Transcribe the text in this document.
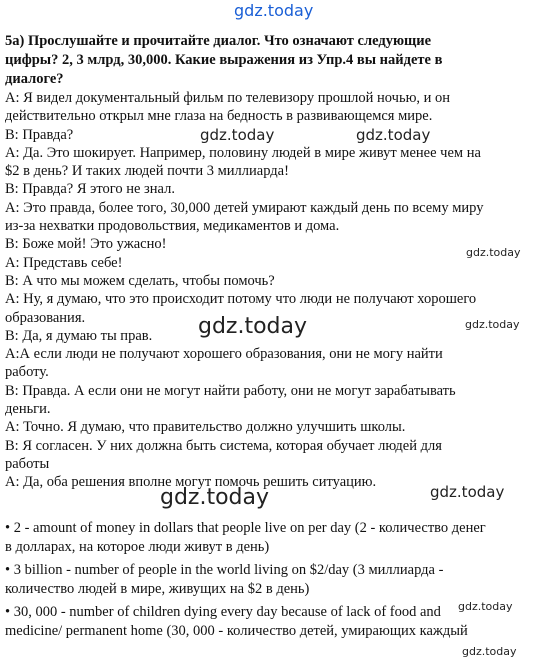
gdz.today
5а) Прослушайте и прочитайте диалог. Что означают следующие
цифры? 2, 3 млрд, 30,000. Какие выражения из Упр.4 вы найдете в
диалоге?
А: Я видел документальный фильм по телевизору прошлой ночью, и он
действительно открыл мне глаза на бедность в развивающемся мире.
В: Правда?
А: Да. Это шокирует. Например, половину людей в мире живут менее чем на
$2 в день? И таких людей почти 3 миллиарда!
В: Правда? Я этого не знал.
А: Это правда, более того, 30,000 детей умирают каждый день по всему миру
из-за нехватки продовольствия, медикаментов и дома.
В: Боже мой! Это ужасно!
А: Представь себе!
В: А что мы можем сделать, чтобы помочь?
А: Ну, я думаю, что это происходит потому что люди не получают хорошего
образования.
В: Да, я думаю ты прав.
А:А если люди не получают хорошего образования, они не могу найти
работу.
В: Правда. А если они не могут найти работу, они не могут зарабатывать
деньги.
А: Точно. Я думаю, что правительство должно улучшить школы.
В: Я согласен. У них должна быть система, которая обучает людей для
работы
А: Да, оба решения вполне могут помочь решить ситуацию.
• 2 - amount of money in dollars that people live on per day (2 - количество денег
в долларах, на которое люди живут в день)
• 3 billion - number of people in the world living on $2/day (3 миллиарда -
количество людей в мире, живущих на $2 в день)
• 30, 000 - number of children dying every day because of lack of food and
medicine/ permanent home (30, 000 - количество детей, умирающих каждый
gdz.today	gdz.today
gdz.today
gdz.today	gdz.today
gdz.today	gdz.today
gdz.today
gdz.today
